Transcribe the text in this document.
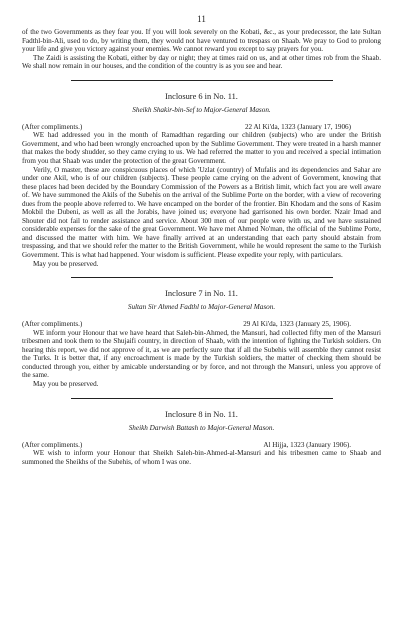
11

of the two Governments as they fear you. If you will look severely on the Kobati, &c., as your predecessor, the late Sultan Fadthl-bin-Ali, used to do, by writing them, they would not have ventured to trespass on Shaab. We pray to God to prolong your life and give you victory against your enemies. We cannot reward you except to say prayers for you.

The Zaidi is assisting the Kobati, either by day or night; they at times raid on us, and at other times rob from the Shaab. We shall now remain in our houses, and the condition of the country is as you see and hear.

Inclosure 6 in No. 11.
Sheikh Shakir-bin-Sef to Major-General Mason.
(After compliments.)	22 Al Ki'da, 1323 (January 17, 1906)

WE had addressed you in the month of Ramadthan regarding our children (subjects) who are under the British Government, and who had been wrongly encroached upon by the Sublime Government. They were treated in a harsh manner that makes the body shudder, so they came crying to us. We had referred the matter to you and received a special intimation from you that Shaab was under the protection of the great Government.

Verily, O master, these are conspicuous places of which 'Uzlat (country) of Mufalis and its dependencies and Sahar are under one Akil, who is of our children (subjects). These people came crying on the advent of Government, knowing that these places had been decided by the Boundary Commission of the Powers as a British limit, which fact you are well aware of. We have summoned the Akils of the Subehis on the arrival of the Sublime Porte on the border, with a view of recovering dues from the people above referred to. We have encamped on the border of the frontier. Bin Khodam and the sons of Kasim Mokbil the Dubeni, as well as all the Jorabis, have joined us; everyone had garrisoned his own border. Nzair Imad and Shouter did not fail to render assistance and service. About 300 men of our people were with us, and we have sustained considerable expenses for the sake of the great Government. We have met Ahmed No'man, the official of the Sublime Porte, and discussed the matter with him. We have finally arrived at an understanding that each party should abstain from trespassing, and that we should refer the matter to the British Government, while he would represent the same to the Turkish Government. This is what had happened. Your wisdom is sufficient. Please expedite your reply, with particulars.

May you be preserved.

Inclosure 7 in No. 11.
Sultan Sir Ahmed Fadthl to Major-General Mason.
(After compliments.)	29 Al Ki'da, 1323 (January 25, 1906).

WE inform your Honour that we have heard that Saleh-bin-Ahmed, the Mansuri, had collected fifty men of the Mansuri tribesmen and took them to the Shujaifi country, in direction of Shaab, with the intention of fighting the Turkish soldiers. On hearing this report, we did not approve of it, as we are perfectly sure that if all the Subehis will assemble they cannot resist the Turks. It is better that, if any encroachment is made by the Turkish soldiers, the matter of checking them should be conducted through you, either by amicable understanding or by force, and not through the Mansuri, unless you approve of the same.

May you be preserved.

Inclosure 8 in No. 11.
Sheikh Darwish Battash to Major-General Mason.
(After compliments.)	Al Hijja, 1323 (January 1906).

WE wish to inform your Honour that Sheikh Saleh-bin-Ahmed-al-Mansuri and his tribesmen came to Shaab and summoned the Sheikhs of the Subehis, of whom I was one.
